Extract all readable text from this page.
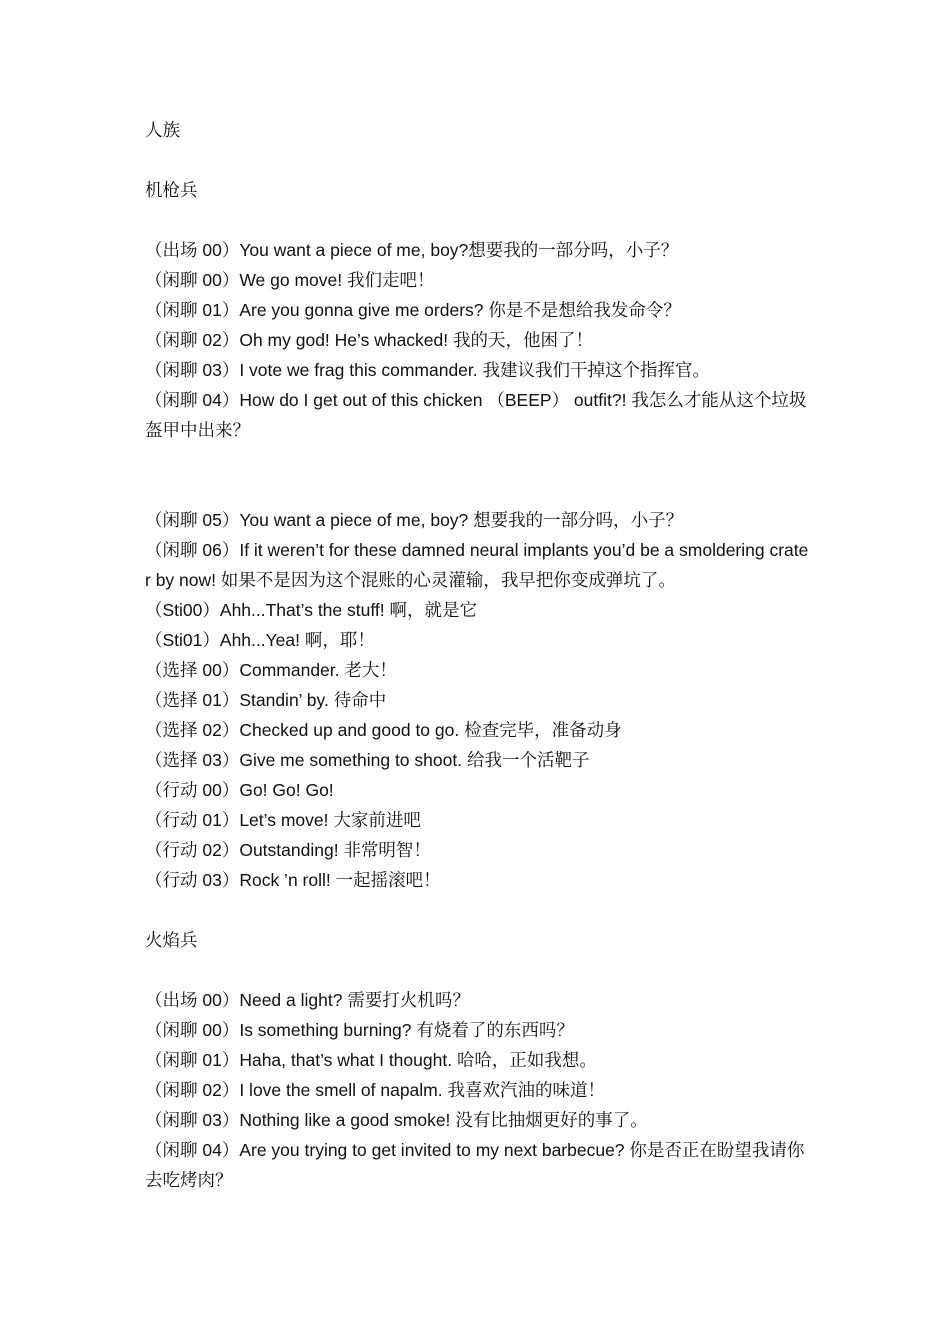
人族

机枪兵

（出场 00）You want a piece of me, boy?想要我的一部分吗，小子？

（闲聊 00）We go move! 我们走吧！

（闲聊 01）Are you gonna give me orders? 你是不是想给我发命令？

（闲聊 02）Oh my god! He’s whacked! 我的天，他困了！

（闲聊 03）I vote we frag this commander. 我建议我们干掉这个指挥官。

（闲聊 04）How do I get out of this chicken （BEEP） outfit?! 我怎么才能从这个垃圾盔甲中出来？

（闲聊 05）You want a piece of me, boy? 想要我的一部分吗，小子？

（闲聊 06）If it weren’t for these damned neural implants you’d be a smoldering crater by now! 如果不是因为这个混账的心灵灌输，我早把你变成弹坑了。

（Sti00）Ahh...That’s the stuff! 啊，就是它

（Sti01）Ahh...Yea! 啊，耶！

（选择 00）Commander. 老大！

（选择 01）Standin’ by. 待命中

（选择 02）Checked up and good to go. 检查完毕，准备动身

（选择 03）Give me something to shoot. 给我一个活靶子

（行动 00）Go! Go! Go!

（行动 01）Let’s move! 大家前进吧

（行动 02）Outstanding! 非常明智！

（行动 03）Rock ’n roll! 一起摇滚吧！

火焰兵

（出场 00）Need a light? 需要打火机吗？

（闲聊 00）Is something burning? 有烧着了的东西吗？

（闲聊 01）Haha, that’s what I thought. 哈哈，正如我想。

（闲聊 02）I love the smell of napalm. 我喜欢汽油的味道！

（闲聊 03）Nothing like a good smoke! 没有比抽烟更好的事了。

（闲聊 04）Are you trying to get invited to my next barbecue? 你是否正在盼望我请你去吃烤肉？
